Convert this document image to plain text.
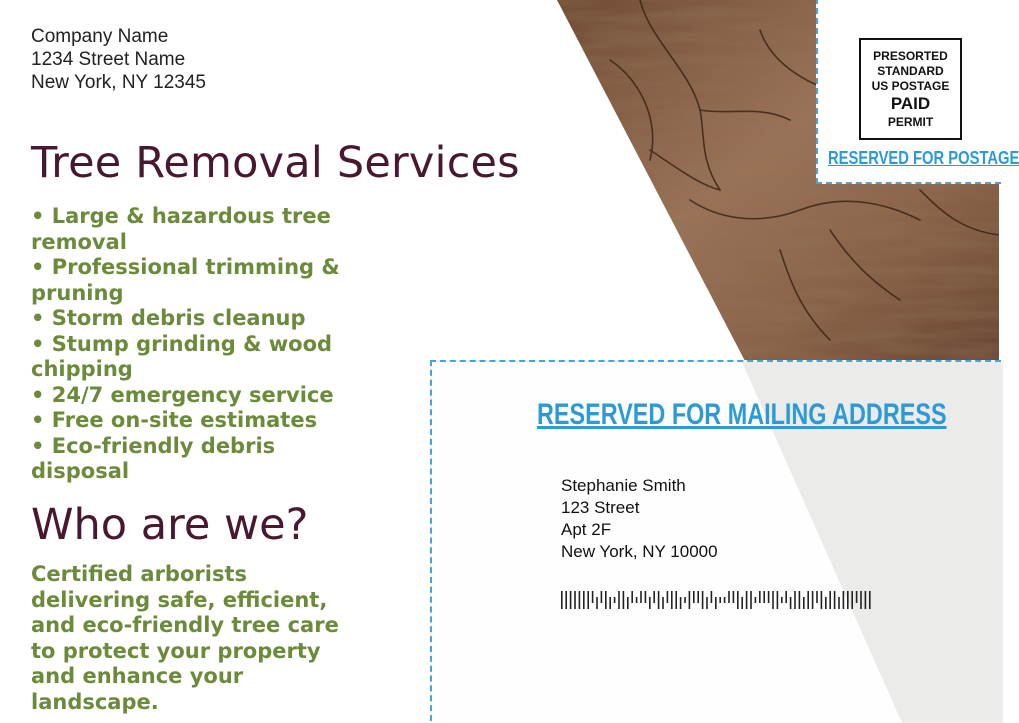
Company Name
1234 Street Name
New York, NY 12345
Tree Removal Services
• Large & hazardous tree removal
• Professional trimming & pruning
• Storm debris cleanup
• Stump grinding & wood chipping
• 24/7 emergency service
• Free on-site estimates
• Eco-friendly debris disposal
Who are we?

Certified arborists delivering safe, efficient, and eco-friendly tree care to protect your property and enhance your landscape.

PRESORTED
STANDARD
US POSTAGE
PAID
PERMIT
RESERVED FOR POSTAGE
RESERVED FOR MAILING ADDRESS
Stephanie Smith
123 Street
Apt 2F
New York, NY 10000
